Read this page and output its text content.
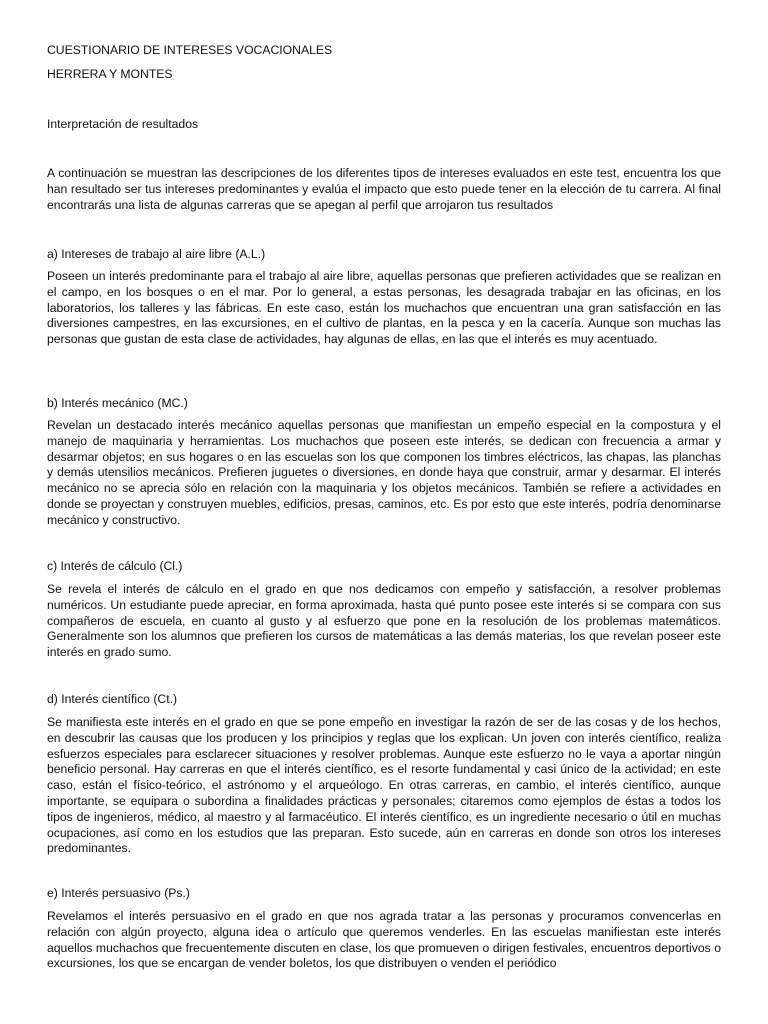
CUESTIONARIO DE INTERESES VOCACIONALES
HERRERA Y MONTES
Interpretación de resultados
A continuación se muestran las descripciones de los diferentes tipos de intereses evaluados en este test, encuentra los que han resultado ser tus intereses predominantes y evalúa el impacto que esto puede tener en la elección de tu carrera. Al final encontrarás una lista de algunas carreras que se apegan al perfil que arrojaron tus resultados
a) Intereses de trabajo al aire libre (A.L.)
Poseen un interés predominante para el trabajo al aire libre, aquellas personas que prefieren actividades que se realizan en el campo, en los bosques o en el mar. Por lo general, a estas personas, les desagrada trabajar en las oficinas, en los laboratorios, los talleres y las fábricas. En este caso, están los muchachos que encuentran una gran satisfacción en las diversiones campestres, en las excursiones, en el cultivo de plantas, en la pesca y en la cacería. Aunque son muchas las personas que gustan de esta clase de actividades, hay algunas de ellas, en las que el interés es muy acentuado.
b) Interés mecánico (MC.)
Revelan un destacado interés mecánico aquellas personas que manifiestan un empeño especial en la compostura y el manejo de maquinaria y herramientas. Los muchachos que poseen este interés, se dedican con frecuencia a armar y desarmar objetos; en sus hogares o en las escuelas son los que componen los timbres eléctricos, las chapas, las planchas y demás utensilios mecánicos. Prefieren juguetes o diversiones, en donde haya que construir, armar y desarmar. El interés mecánico no se aprecia sólo en relación con la maquinaria y los objetos mecánicos. También se refiere a actividades en donde se proyectan y construyen muebles, edificios, presas, caminos, etc. Es por esto que este interés, podría denominarse mecánico y constructivo.
c) Interés de cálculo (Cl.)
Se revela el interés de cálculo en el grado en que nos dedicamos con empeño y satisfacción, a resolver problemas numéricos. Un estudiante puede apreciar, en forma aproximada, hasta qué punto posee este interés si se compara con sus compañeros de escuela, en cuanto al gusto y al esfuerzo que pone en la resolución de los problemas matemáticos. Generalmente son los alumnos que prefieren los cursos de matemáticas a las demás materias, los que revelan poseer este interés en grado sumo.
d) Interés científico (Ct.)
Se manifiesta este interés en el grado en que se pone empeño en investigar la razón de ser de las cosas y de los hechos, en descubrir las causas que los producen y los principios y reglas que los explican. Un joven con interés científico, realiza esfuerzos especiales para esclarecer situaciones y resolver problemas. Aunque este esfuerzo no le vaya a aportar ningún beneficio personal. Hay carreras en que el interés científico, es el resorte fundamental y casi único de la actividad; en este caso, están el físico-teórico, el astrónomo y el arqueólogo. En otras carreras, en cambio, el interés científico, aunque importante, se equipara o subordina a finalidades prácticas y personales; citaremos como ejemplos de éstas a todos los tipos de ingenieros, médico, al maestro y al farmacéutico. El interés científico, es un ingrediente necesario o útil en muchas ocupaciones, así como en los estudios que las preparan. Esto sucede, aún en carreras en donde son otros los intereses predominantes.
e) Interés persuasivo (Ps.)
Revelamos el interés persuasivo en el grado en que nos agrada tratar a las personas y procuramos convencerlas en relación con algún proyecto, alguna idea o artículo que queremos venderles. En las escuelas manifiestan este interés aquellos muchachos que frecuentemente discuten en clase, los que promueven o dirigen festivales, encuentros deportivos o excursiones, los que se encargan de vender boletos, los que distribuyen o venden el periódico
